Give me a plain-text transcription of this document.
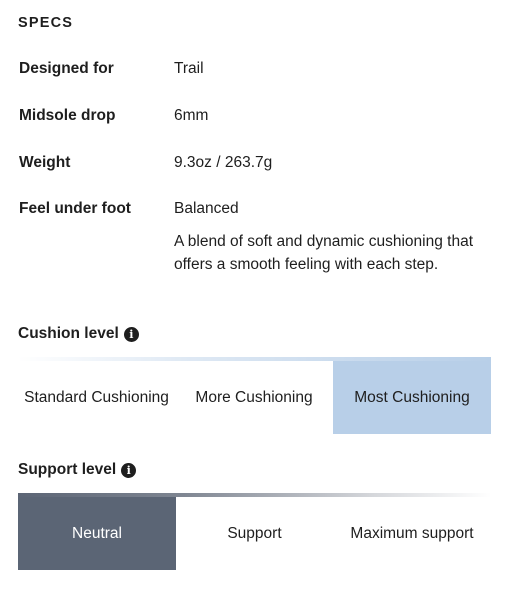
SPECS
Designed for	Trail
Midsole drop	6mm
Weight	9.3oz / 263.7g
Feel under foot	Balanced
A blend of soft and dynamic cushioning that offers a smooth feeling with each step.
Cushion level i
Standard Cushioning	More Cushioning	Most Cushioning
Support level i
Neutral	Support	Maximum support
